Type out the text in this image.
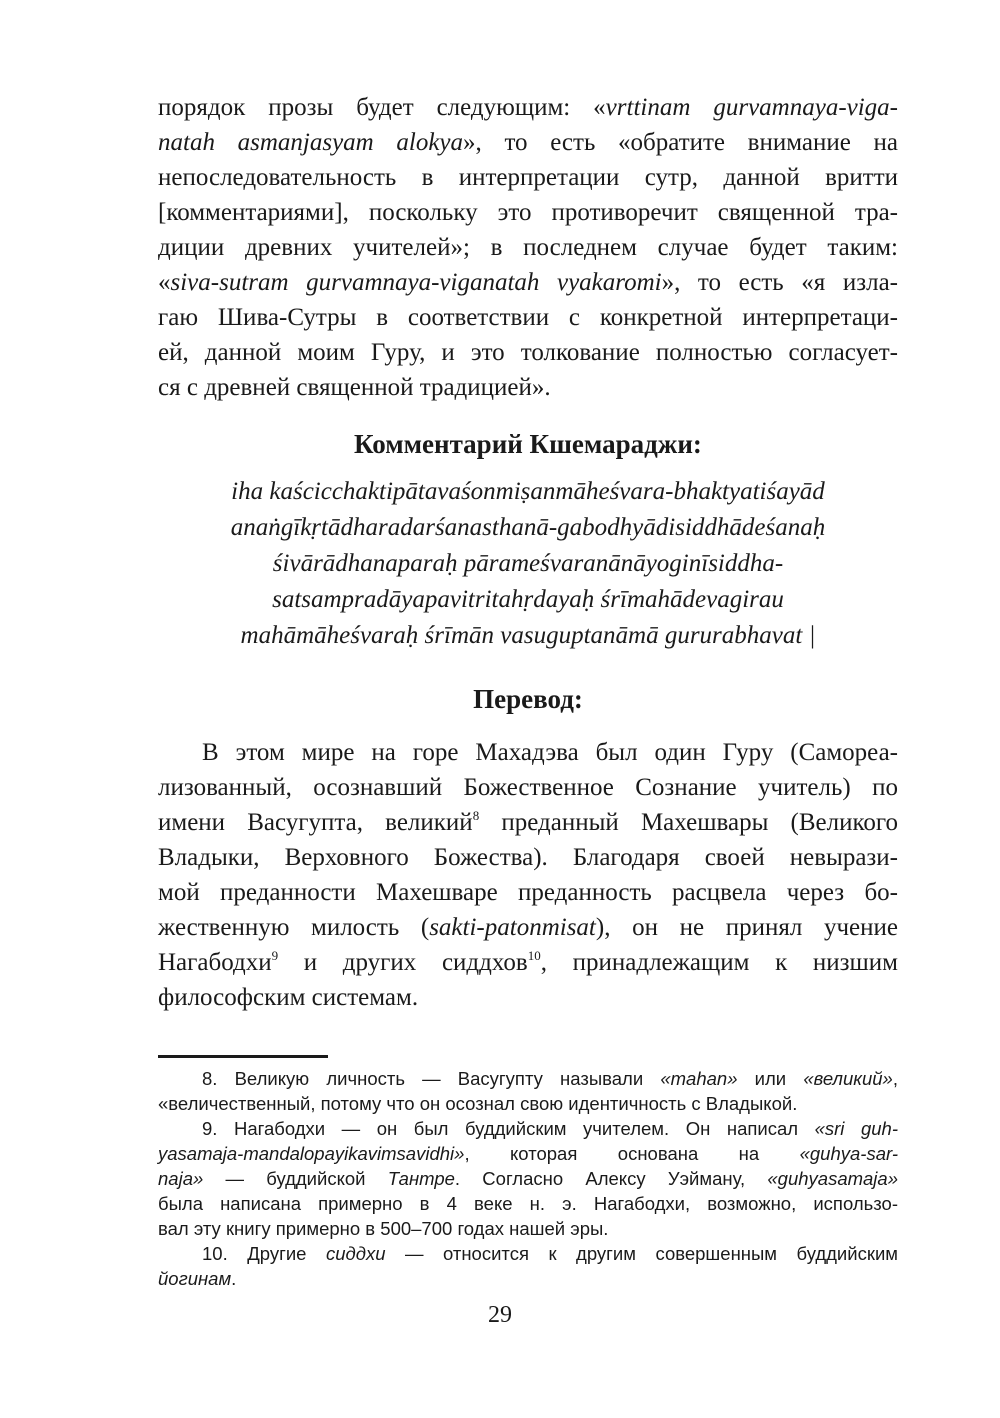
порядок прозы будет следующим: «vrttinam gurvamnaya-viga-
natah asmanjasyam alokya», то есть «обратите внимание на
непоследовательность в интерпретации сутр, данной вритти
[комментариями], поскольку это противоречит священной тра-
диции древних учителей»; в последнем случае будет таким:
«siva-sutram gurvamnaya-viganatah vyakaromi», то есть «я изла-
гаю Шива-Сутры в соответствии с конкретной интерпретаци-
ей, данной моим Гуру, и это толкование полностью согласует-
ся с древней священной традицией».

Комментарий Кшемараджи:

iha kaścicchaktipātavaśonmiṣanmāheśvara-bhaktyatiśayād
anaṅgīkṛtādharadarśanasthanā-gabodhyādisiddhādeśanaḥ
śivārādhanaparaḥ pārameśvaranānāyoginīsiddha-
satsampradāyapavitritahṛdayaḥ śrīmahādevagirau
mahāmāheśvaraḥ śrīmān vasuguptanāmā gururabhavat |

Перевод:

В этом мире на горе Махадэва был один Гуру (Самореа-
лизованный, осознавший Божественное Сознание учитель) по
имени Васугупта, великий$^8$ преданный Махешвары (Великого
Владыки, Верховного Божества). Благодаря своей невырази-
мой преданности Махешваре преданность расцвела через бо-
жественную милость (sakti-patonmisat), он не принял учение
Нагабодхи$^9$ и других сиддхов$^{10}$, принадлежащим к низшим
философским системам.

8. Великую личность — Васугупту называли «mahan» или «великий»,
«величественный, потому что он осознал свою идентичность с Владыкой.

9. Нагабодхи — он был буддийским учителем. Он написал «sri guh-
yasamaja-mandalopayikavimsavidhi», которая основана на «guhya-sar-
naja» — буддийской Тантре. Согласно Алексу Уэйману, «guhyasamaja»
была написана примерно в 4 веке н. э. Нагабодхи, возможно, использо-
вал эту книгу примерно в 500–700 годах нашей эры.

10. Другие сиддхи — относится к другим совершенным буддийским
йогинам.

29
